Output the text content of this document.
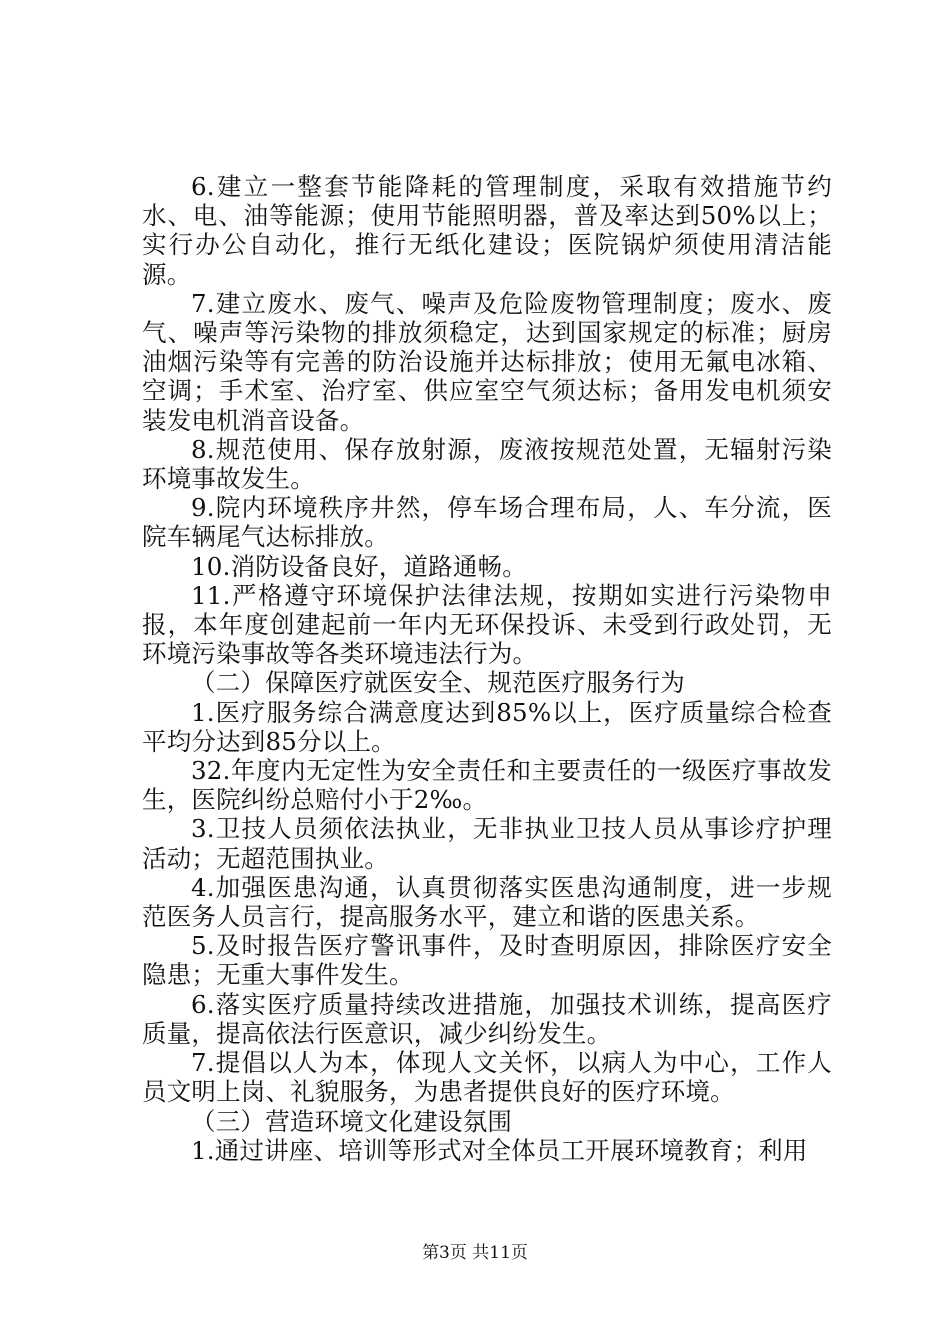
6.建立一整套节能降耗的管理制度，采取有效措施节约水、电、油等能源；使用节能照明器，普及率达到50%以上；实行办公自动化，推行无纸化建设；医院锅炉须使用清洁能源。

7.建立废水、废气、噪声及危险废物管理制度；废水、废气、噪声等污染物的排放须稳定，达到国家规定的标准；厨房油烟污染等有完善的防治设施并达标排放；使用无氟电冰箱、空调；手术室、治疗室、供应室空气须达标；备用发电机须安装发电机消音设备。

8.规范使用、保存放射源，废液按规范处置，无辐射污染环境事故发生。

9.院内环境秩序井然，停车场合理布局，人、车分流，医院车辆尾气达标排放。

10.消防设备良好，道路通畅。

11.严格遵守环境保护法律法规，按期如实进行污染物申报，本年度创建起前一年内无环保投诉、未受到行政处罚，无环境污染事故等各类环境违法行为。

（二）保障医疗就医安全、规范医疗服务行为

1.医疗服务综合满意度达到85%以上，医疗质量综合检查平均分达到85分以上。

32.年度内无定性为安全责任和主要责任的一级医疗事故发生，医院纠纷总赔付小于2‰。

3.卫技人员须依法执业，无非执业卫技人员从事诊疗护理活动；无超范围执业。

4.加强医患沟通，认真贯彻落实医患沟通制度，进一步规范医务人员言行，提高服务水平，建立和谐的医患关系。

5.及时报告医疗警讯事件，及时查明原因，排除医疗安全隐患；无重大事件发生。

6.落实医疗质量持续改进措施，加强技术训练，提高医疗质量，提高依法行医意识，减少纠纷发生。

7.提倡以人为本，体现人文关怀，以病人为中心，工作人员文明上岗、礼貌服务，为患者提供良好的医疗环境。

（三）营造环境文化建设氛围

1.通过讲座、培训等形式对全体员工开展环境教育；利用

第3页 共11页
